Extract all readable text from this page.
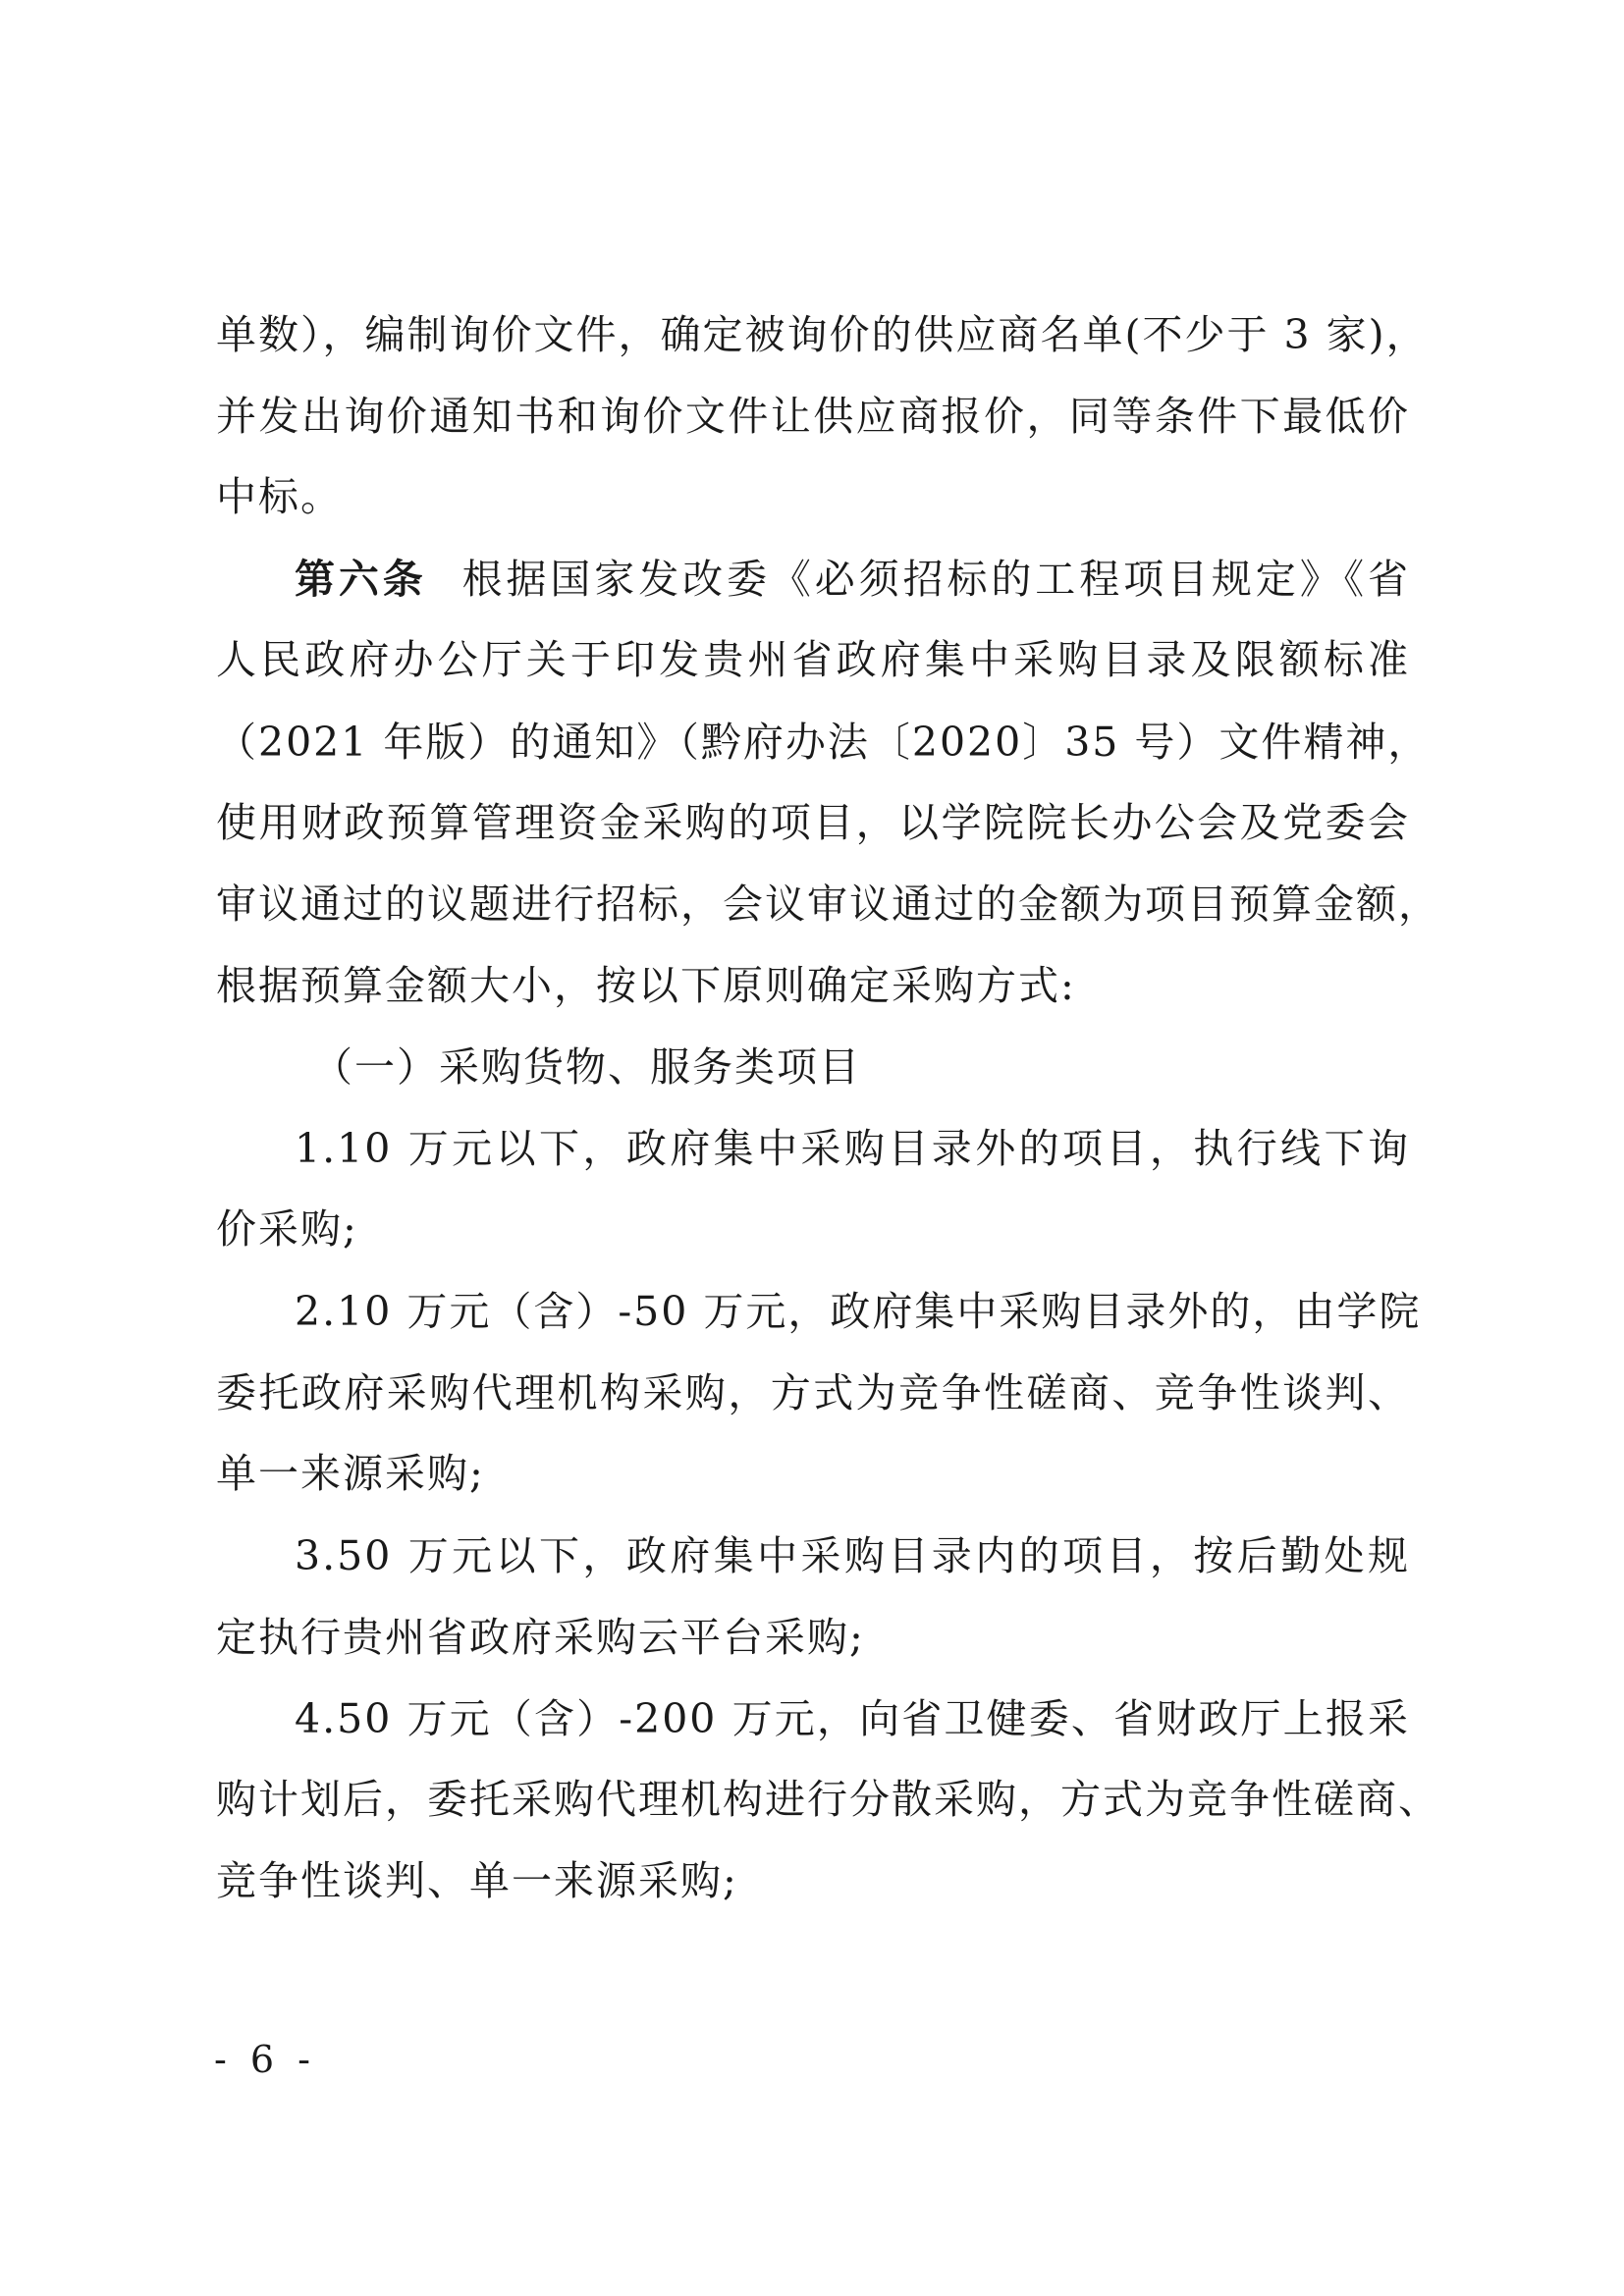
单数），编制询价文件，确定被询价的供应商名单(不少于 3 家)，
并发出询价通知书和询价文件让供应商报价，同等条件下最低价
中标。
第六条 根据国家发改委《必须招标的工程项目规定》《省
人民政府办公厅关于印发贵州省政府集中采购目录及限额标准
（2021 年版）的通知》（黔府办法〔2020〕35 号）文件精神，
使用财政预算管理资金采购的项目，以学院院长办公会及党委会
审议通过的议题进行招标，会议审议通过的金额为项目预算金额，
根据预算金额大小，按以下原则确定采购方式:
（一）采购货物、服务类项目
1.10 万元以下，政府集中采购目录外的项目，执行线下询
价采购;
2.10 万元（含）-50 万元，政府集中采购目录外的，由学院
委托政府采购代理机构采购，方式为竞争性磋商、竞争性谈判、
单一来源采购;
3.50 万元以下，政府集中采购目录内的项目，按后勤处规
定执行贵州省政府采购云平台采购;
4.50 万元（含）-200 万元，向省卫健委、省财政厅上报采
购计划后，委托采购代理机构进行分散采购，方式为竞争性磋商、
竞争性谈判、单一来源采购;
- 6 -
